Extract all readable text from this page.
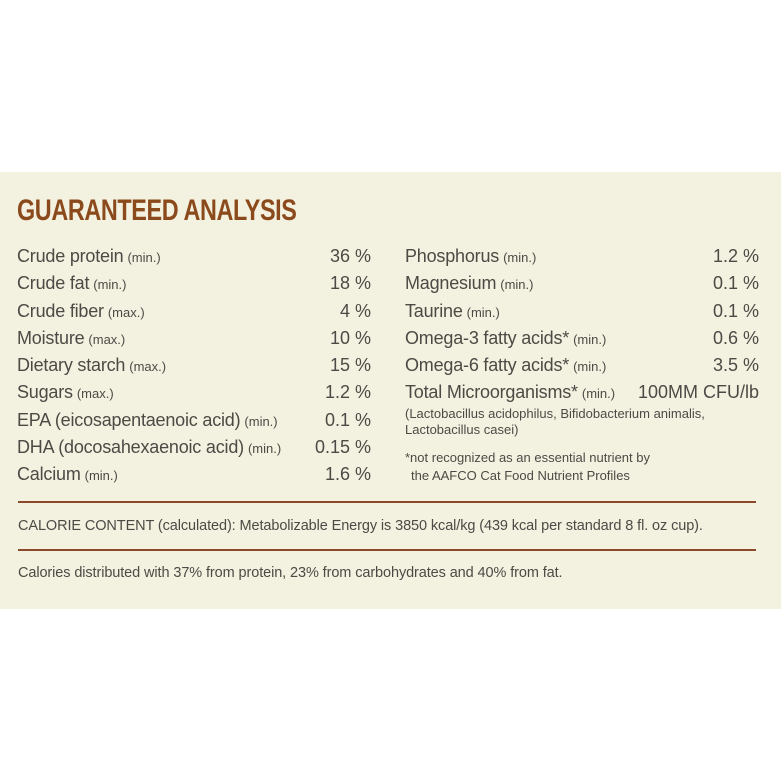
GUARANTEED ANALYSIS
Crude protein (min.)	36 %
Crude fat (min.)	18 %
Crude fiber (max.)	4 %
Moisture (max.)	10 %
Dietary starch (max.)	15 %
Sugars (max.)	1.2 %
EPA (eicosapentaenoic acid) (min.)	0.1 %
DHA (docosahexaenoic acid) (min.) 0.15 %
Calcium (min.)	1.6 %
Phosphorus (min.)	1.2 %
Magnesium (min.)	0.1 %
Taurine (min.)	0.1 %
Omega-3 fatty acids* (min.)	0.6 %
Omega-6 fatty acids* (min.)	3.5 %
Total Microorganisms* (min.) 100MM CFU/lb
(Lactobacillus acidophilus, Bifidobacterium animalis, Lactobacillus casei)
*not recognized as an essential nutrient by
the AAFCO Cat Food Nutrient Profiles
CALORIE CONTENT (calculated): Metabolizable Energy is 3850 kcal/kg (439 kcal per standard 8 fl. oz cup).
Calories distributed with 37% from protein, 23% from carbohydrates and 40% from fat.
